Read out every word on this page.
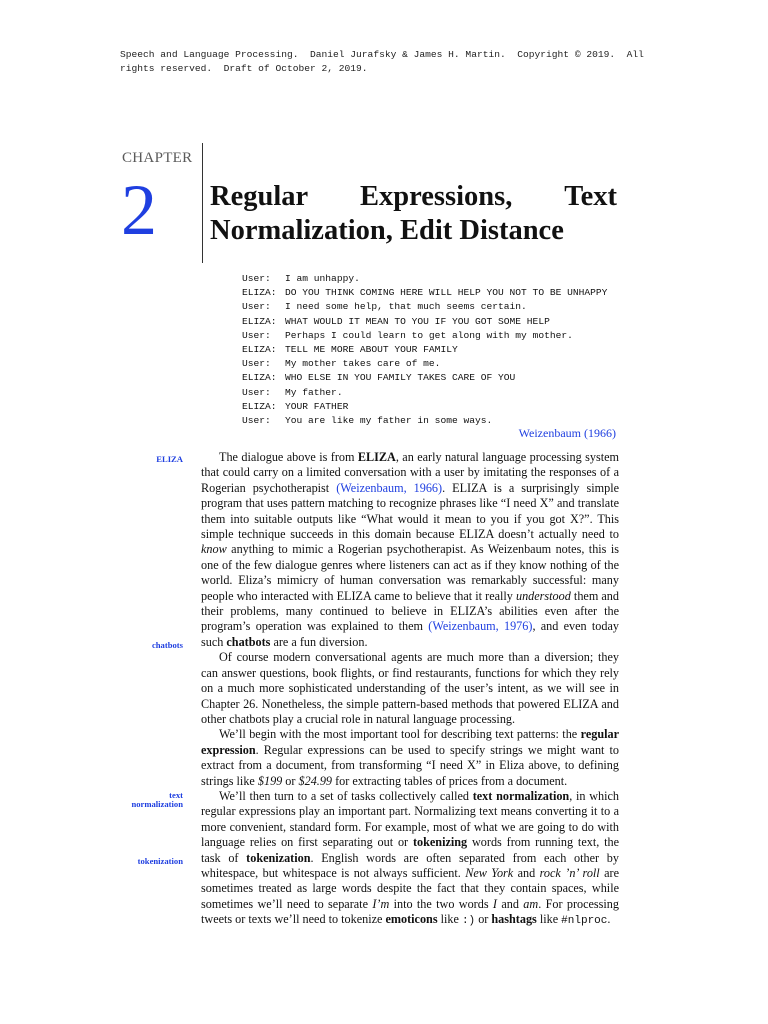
Speech and Language Processing.  Daniel Jurafsky & James H. Martin.  Copyright © 2019.  All
rights reserved.  Draft of October 2, 2019.
CHAPTER
2 Regular Expressions, Text
Normalization, Edit Distance
User: I am unhappy.
ELIZA: DO YOU THINK COMING HERE WILL HELP YOU NOT TO BE UNHAPPY
User: I need some help, that much seems certain.
ELIZA: WHAT WOULD IT MEAN TO YOU IF YOU GOT SOME HELP
User: Perhaps I could learn to get along with my mother.
ELIZA: TELL ME MORE ABOUT YOUR FAMILY
User: My mother takes care of me.
ELIZA: WHO ELSE IN YOU FAMILY TAKES CARE OF YOU
User: My father.
ELIZA: YOUR FATHER
User: You are like my father in some ways.
Weizenbaum (1966)
ELIZA
chatbots
text
normalization
tokenization

The dialogue above is from ELIZA, an early natural language processing system that could carry on a limited conversation with a user by imitating the responses of a Rogerian psychotherapist (Weizenbaum, 1966). ELIZA is a surprisingly simple program that uses pattern matching to recognize phrases like “I need X” and translate them into suitable outputs like “What would it mean to you if you got X?”. This simple technique succeeds in this domain because ELIZA doesn’t actually need to know anything to mimic a Rogerian psychotherapist. As Weizenbaum notes, this is one of the few dialogue genres where listeners can act as if they know nothing of the world. Eliza’s mimicry of human conversation was remarkably successful: many people who interacted with ELIZA came to believe that it really understood them and their problems, many continued to believe in ELIZA’s abilities even after the program’s operation was explained to them (Weizenbaum, 1976), and even today such chatbots are a fun diversion.

Of course modern conversational agents are much more than a diversion; they can answer questions, book flights, or find restaurants, functions for which they rely on a much more sophisticated understanding of the user’s intent, as we will see in Chapter 26. Nonetheless, the simple pattern-based methods that powered ELIZA and other chatbots play a crucial role in natural language processing.

We’ll begin with the most important tool for describing text patterns: the regular expression. Regular expressions can be used to specify strings we might want to extract from a document, from transforming “I need X” in Eliza above, to defining strings like $199 or $24.99 for extracting tables of prices from a document.

We’ll then turn to a set of tasks collectively called text normalization, in which regular expressions play an important part. Normalizing text means converting it to a more convenient, standard form. For example, most of what we are going to do with language relies on first separating out or tokenizing words from running text, the task of tokenization. English words are often separated from each other by whitespace, but whitespace is not always sufficient. New York and rock ’n’ roll are sometimes treated as large words despite the fact that they contain spaces, while sometimes we’ll need to separate I’m into the two words I and am. For processing tweets or texts we’ll need to tokenize emoticons like :) or hashtags like #nlproc.
